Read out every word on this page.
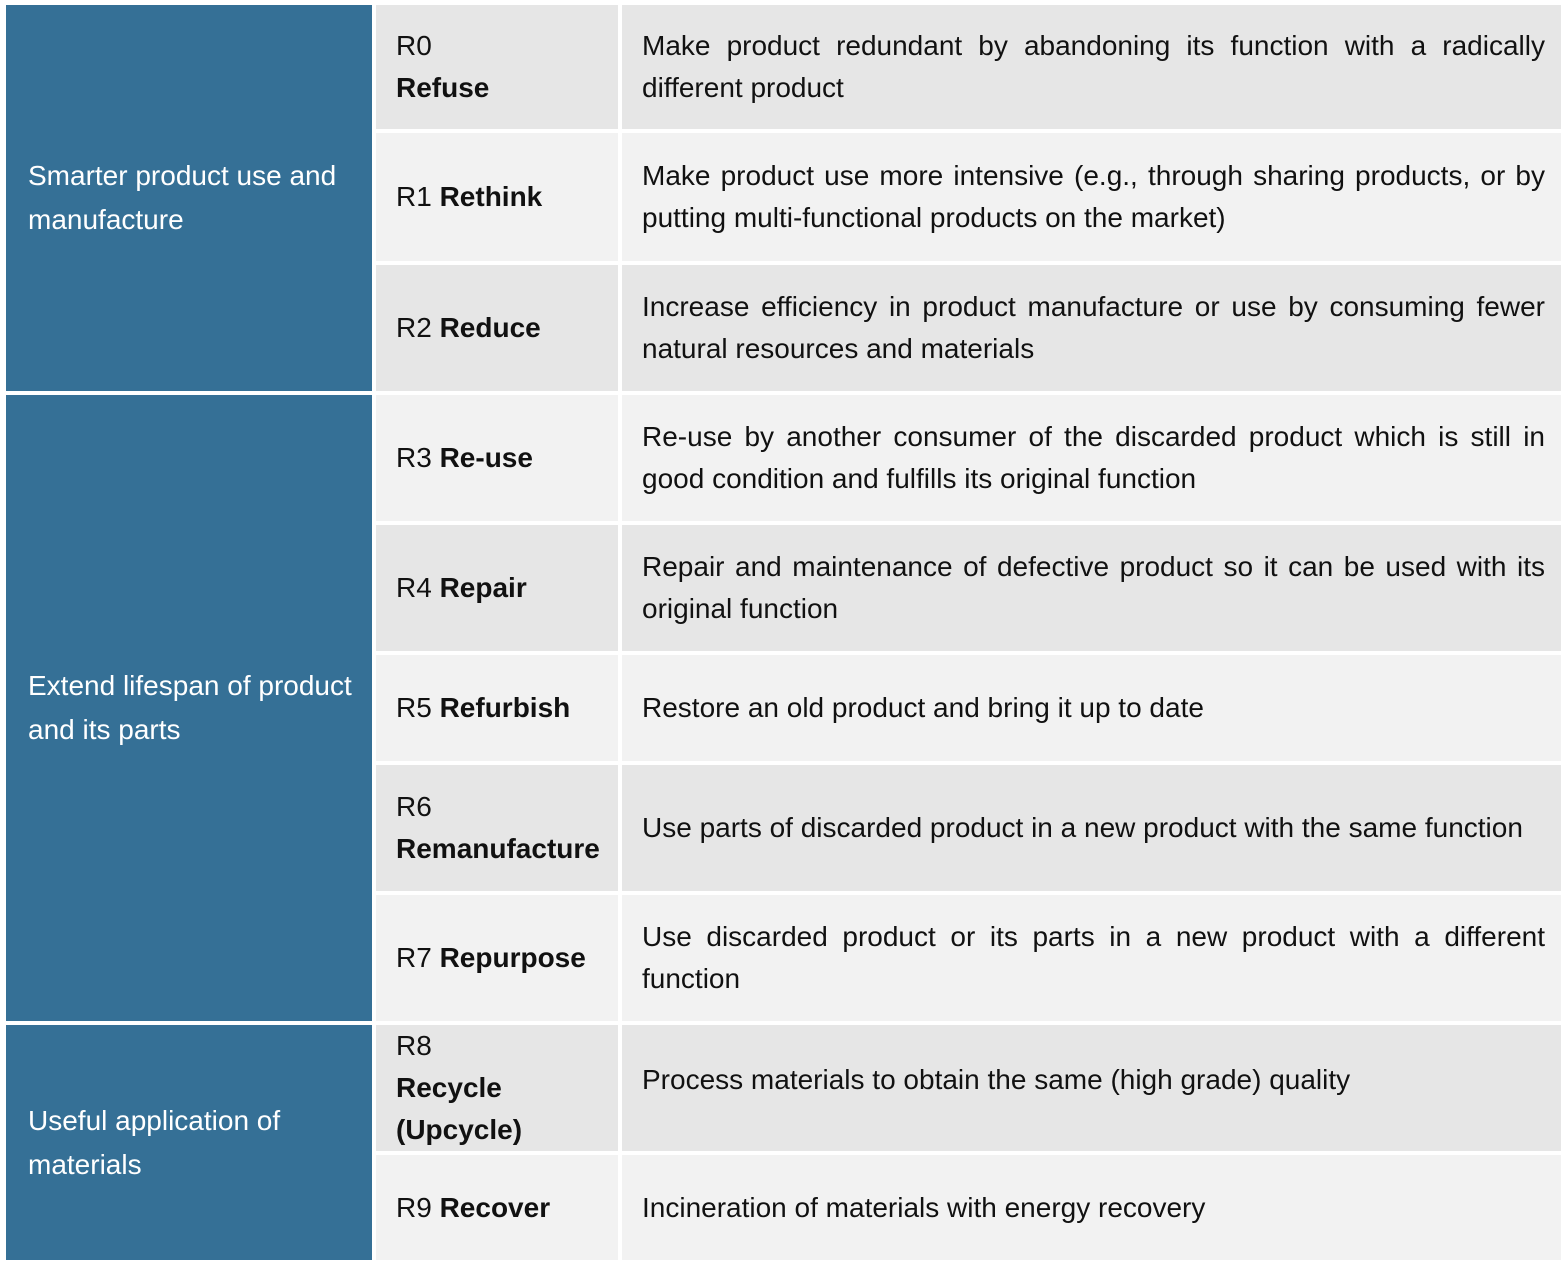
Smarter product use and manufacture
Extend lifespan of product and its parts
Useful application of materials
R0
Refuse
Make product redundant by abandoning its function with a radically different product
R1 Rethink
Make product use more intensive (e.g., through sharing products, or by putting multi-functional products on the market)
R2 Reduce
Increase efficiency in product manufacture or use by consuming fewer natural resources and materials
R3 Re-use
Re-use by another consumer of the discarded product which is still in good condition and fulfills its original function
R4 Repair
Repair and maintenance of defective product so it can be used with its original function
R5 Refurbish	Restore an old product and bring it up to date
R6
Remanufacture
Use parts of discarded product in a new product with the same function
R7 Repurpose
Use discarded product or its parts in a new product with a different function
R8
Recycle
(Upcycle)
Process materials to obtain the same (high grade) quality
R9 Recover	Incineration of materials with energy recovery
